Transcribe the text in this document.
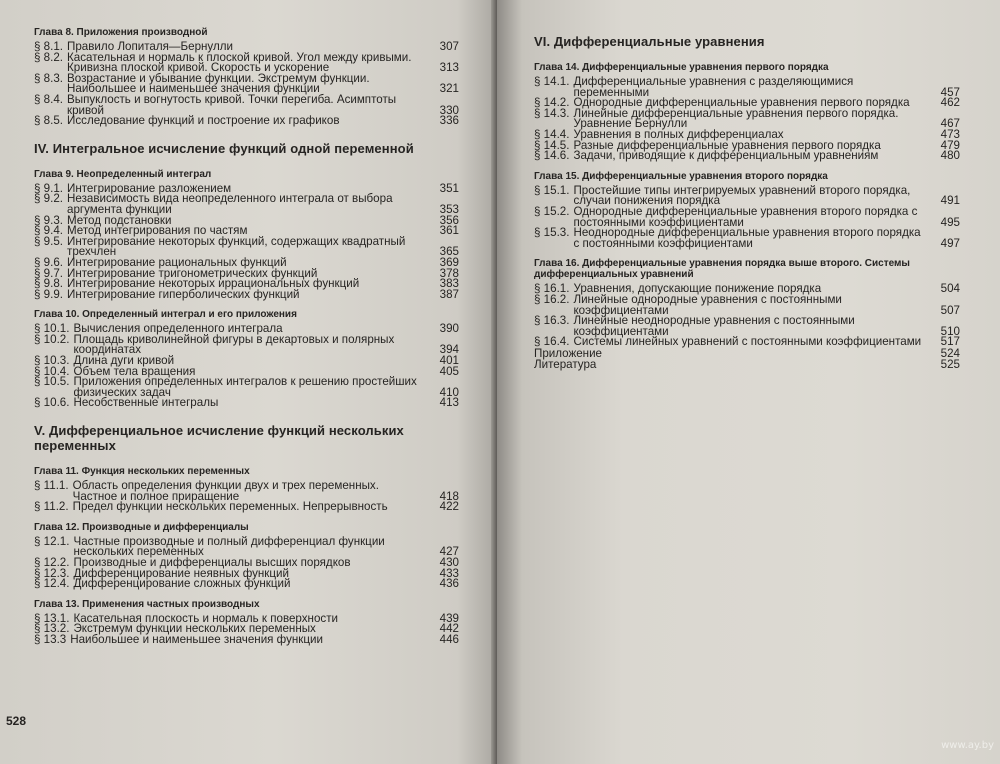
Глава 8. Приложения производной
§ 8.1. Правило Лопиталя—Бернулли	307
§ 8.2. Касательная и нормаль к плоской кривой. Угол между кривыми. Кривизна плоской кривой. Скорость и ускорение	313
§ 8.3. Возрастание и убывание функции. Экстремум функции. Наибольшее и наименьшее значения функции	321
§ 8.4. Выпуклость и вогнутость кривой. Точки перегиба. Асимптоты кривой	330
§ 8.5. Исследование функций и построение их графиков	336
IV. Интегральное исчисление функций одной переменной
Глава 9. Неопределенный интеграл
§ 9.1. Интегрирование разложением	351
§ 9.2. Независимость вида неопределенного интеграла от выбора аргумента функции	353
§ 9.3. Метод подстановки	356
§ 9.4. Метод интегрирования по частям	361
§ 9.5. Интегрирование некоторых функций, содержащих квадратный трехчлен	365
§ 9.6. Интегрирование рациональных функций	369
§ 9.7. Интегрирование тригонометрических функций	378
§ 9.8. Интегрирование некоторых иррациональных функций	383
§ 9.9. Интегрирование гиперболических функций	387
Глава 10. Определенный интеграл и его приложения
§ 10.1. Вычисления определенного интеграла	390
§ 10.2. Площадь криволинейной фигуры в декартовых и полярных координатах	394
§ 10.3. Длина дуги кривой	401
§ 10.4. Объем тела вращения	405
§ 10.5. Приложения определенных интегралов к решению простейших физических задач	410
§ 10.6. Несобственные интегралы	413
V. Дифференциальное исчисление функций нескольких переменных
Глава 11. Функция нескольких переменных
§ 11.1. Область определения функции двух и трех переменных. Частное и полное приращение	418
§ 11.2. Предел функции нескольких переменных. Непрерывность	422
Глава 12. Производные и дифференциалы
§ 12.1. Частные производные и полный дифференциал функции нескольких переменных	427
§ 12.2. Производные и дифференциалы высших порядков	430
§ 12.3. Дифференцирование неявных функций	433
§ 12.4. Дифференцирование сложных функций	436
Глава 13. Применения частных производных
§ 13.1. Касательная плоскость и нормаль к поверхности	439
§ 13.2. Экстремум функции нескольких переменных	442
§ 13.3 Наибольшее и наименьшее значения функции	446
528
VI. Дифференциальные уравнения
Глава 14. Дифференциальные уравнения первого порядка
§ 14.1. Дифференциальные уравнения с разделяющимися переменными	457
§ 14.2. Однородные дифференциальные уравнения первого порядка	462
§ 14.3. Линейные дифференциальные уравнения первого порядка. Уравнение Бернулли	467
§ 14.4. Уравнения в полных дифференциалах	473
§ 14.5. Разные дифференциальные уравнения первого порядка	479
§ 14.6. Задачи, приводящие к дифференциальным уравнениям	480
Глава 15. Дифференциальные уравнения второго порядка
§ 15.1. Простейшие типы интегрируемых уравнений второго порядка, случаи понижения порядка	491
§ 15.2. Однородные дифференциальные уравнения второго порядка с постоянными коэффициентами	495
§ 15.3. Неоднородные дифференциальные уравнения второго порядка с постоянными коэффициентами	497
Глава 16. Дифференциальные уравнения порядка выше второго. Системы дифференциальных уравнений
§ 16.1. Уравнения, допускающие понижение порядка	504
§ 16.2. Линейные однородные уравнения с постоянными коэффициентами	507
§ 16.3. Линейные неоднородные уравнения с постоянными коэффициентами	510
§ 16.4. Системы линейных уравнений с постоянными коэффициентами	517
Приложение	524
Литература	525
www.ay.by
